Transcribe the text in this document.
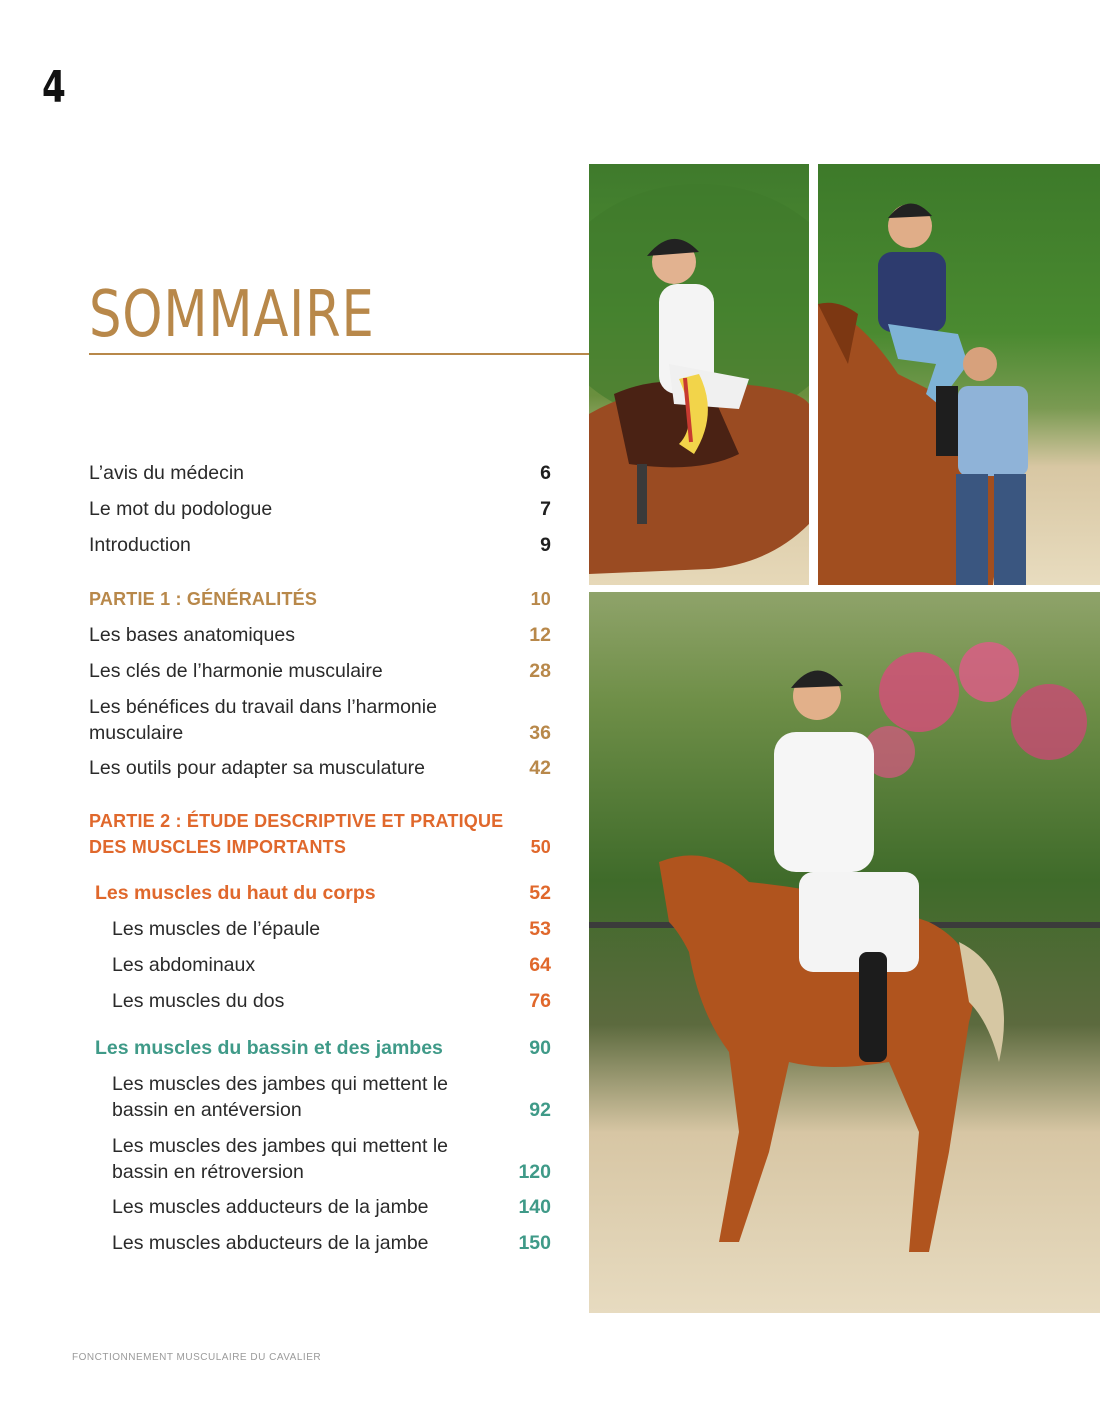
4
SOMMAIRE
L’avis du médecin	6
Le mot du podologue	7
Introduction	9
PARTIE 1 : GÉNÉRALITÉS	10
Les bases anatomiques	12
Les clés de l’harmonie musculaire	28
Les bénéfices du travail dans l’harmonie musculaire	36
Les outils pour adapter sa musculature	42
PARTIE 2 : ÉTUDE DESCRIPTIVE ET PRATIQUE DES MUSCLES IMPORTANTS	50
Les muscles du haut du corps	52
Les muscles de l’épaule	53
Les abdominaux	64
Les muscles du dos	76
Les muscles du bassin et des jambes	90
Les muscles des jambes qui mettent le bassin en antéversion	92
Les muscles des jambes qui mettent le bassin en rétroversion	120
Les muscles adducteurs de la jambe	140
Les muscles abducteurs de la jambe	150
FONCTIONNEMENT MUSCULAIRE DU CAVALIER
